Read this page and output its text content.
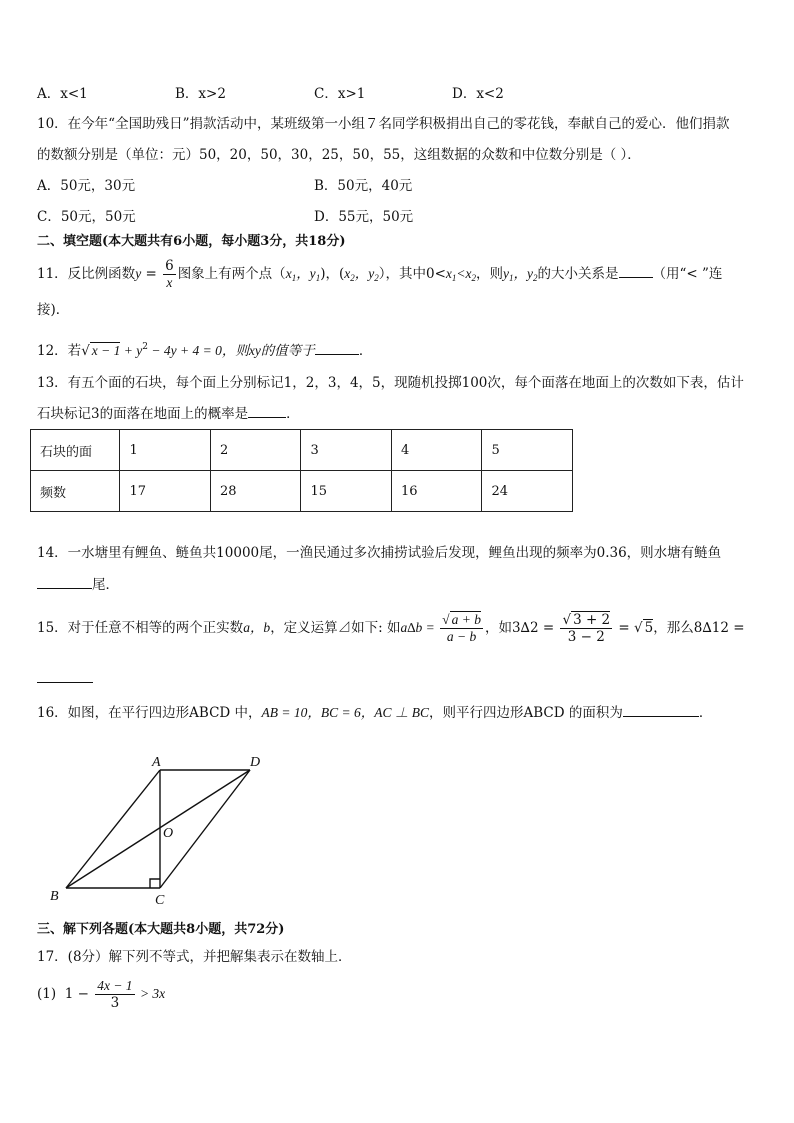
A．x<1	B．x>2	C．x>1	D．x<2
10．在今年“全国助残日”捐款活动中，某班级第一小组７名同学积极捐出自己的零花钱，奉献自己的爱心．他们捐款
的数额分别是（单位：元）50，20，50，30，25，50，55，这组数据的众数和中位数分别是（ ）．
A．50元，30元	B．50元，40元
C．50元，50元	D．55元，50元
二、填空题(本大题共有6小题，每小题3分，共18分)
11．反比例函数$y = \frac{6}{x}$ 图象上有两个点（$x_1$，$y_1$)，($x_2$，$y_2$），其中$0<x_1<x_2$，则$y_1$，$y_2$的大小关系是	（用“< ”连
接)．
12．若√ $x - 1 + y^2 - 4y + 4 = 0$，则xy的值等于	．
13．有五个面的石块，每个面上分别标记1，2，3，4，5，现随机投掷100次，每个面落在地面上的次数如下表，估计
石块标记3的面落在地面上的概率是	．
石块的面	1	2	3	4	5
频数	17	28	15	16	24
14．一水塘里有鲤鱼、鲢鱼共10000尾，一渔民通过多次捕捞试验后发现，鲤鱼出现的频率为0.36，则水塘有鲢鱼
尾．
15．对于任意不相等的两个正实数a，b，定义运算⊿如下: 如$a\Delta b = \frac{√ a + b}{a - b}$ ，如$3\Delta 2 = \frac{√ 3 + 2}{3 - 2}$ = √ 5，那么8∆12 =
16．如图，在平行四边形ABCD 中，AB = 10，BC = 6，AC ⊥ BC，则平行四边形ABCD 的面积为	．
A	D
O
B	C
三、解下列各题(本大题共8小题，共72分)
17．(8分）解下列不等式，并把解集表示在数轴上．
(1) $1 - \frac{4x - 1}{3} > 3x$
